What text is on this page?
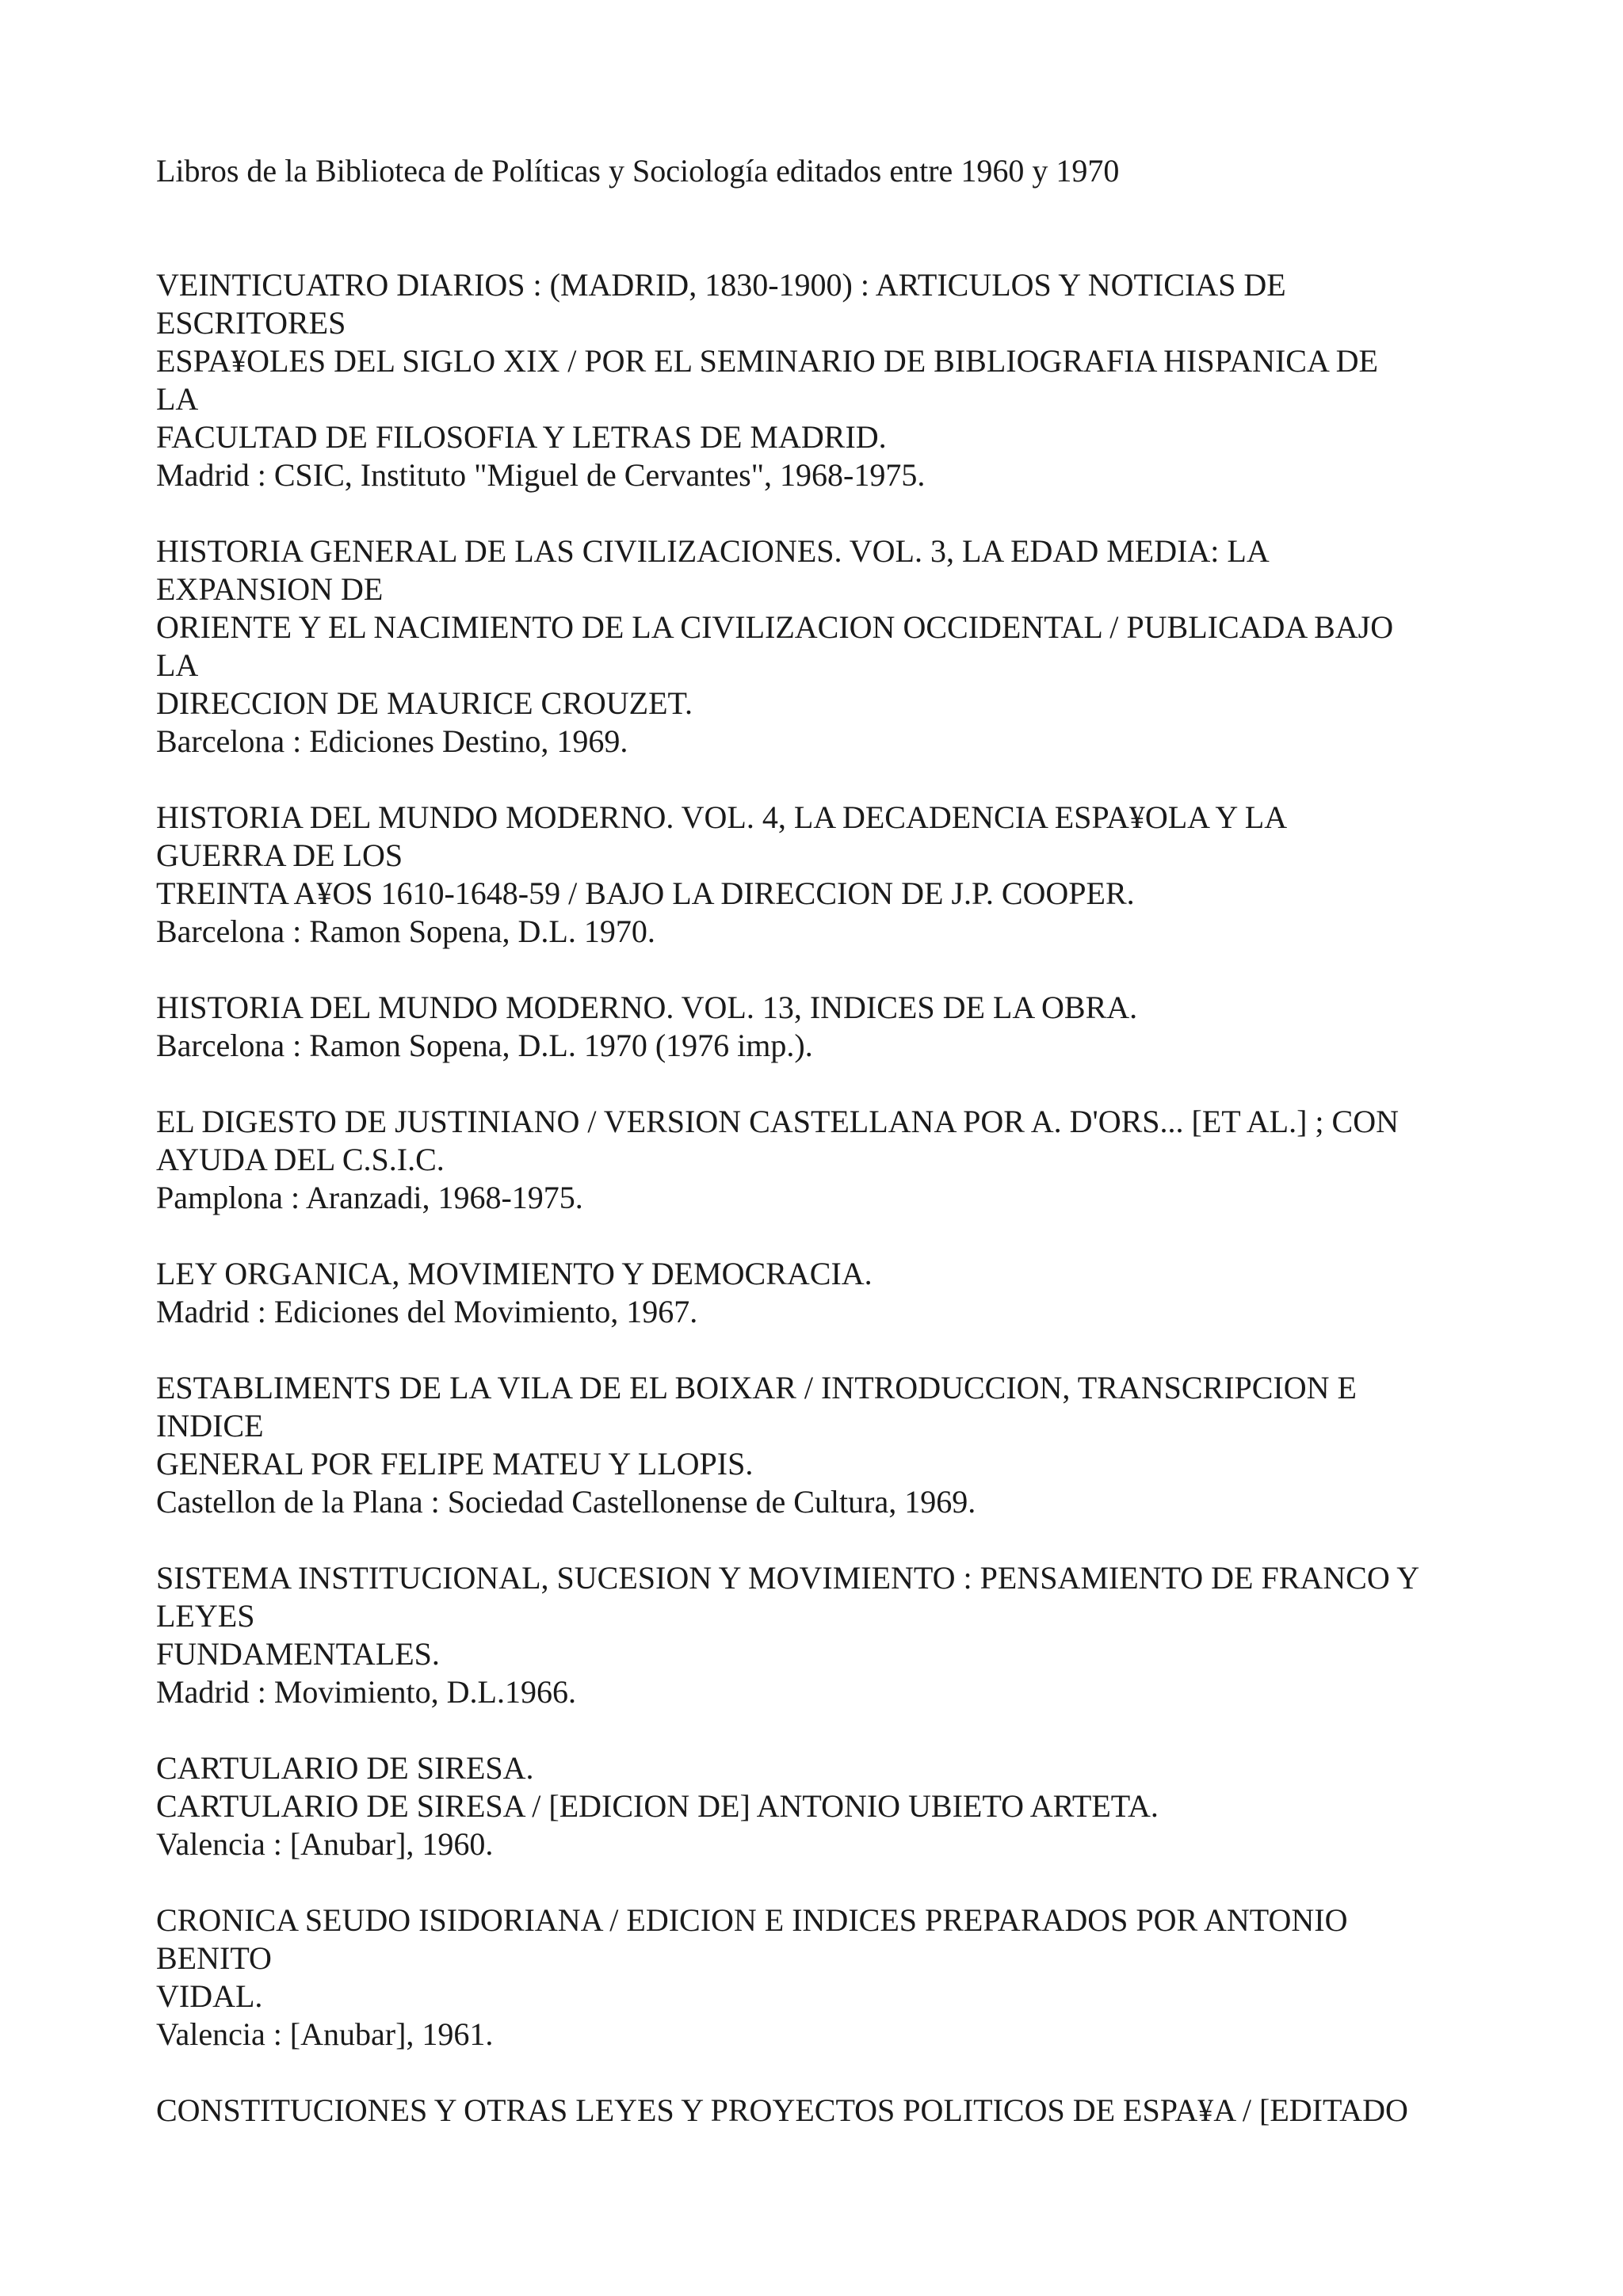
Libros de la Biblioteca de Políticas y Sociología editados entre 1960 y 1970
VEINTICUATRO DIARIOS : (MADRID, 1830-1900) : ARTICULOS Y NOTICIAS DE
ESCRITORES
ESPA¥OLES DEL SIGLO XIX / POR EL SEMINARIO DE BIBLIOGRAFIA HISPANICA DE
LA
FACULTAD DE FILOSOFIA Y LETRAS DE MADRID.
Madrid : CSIC, Instituto "Miguel de Cervantes", 1968-1975.
HISTORIA GENERAL DE LAS CIVILIZACIONES. VOL. 3, LA EDAD MEDIA: LA
EXPANSION DE
ORIENTE Y EL NACIMIENTO DE LA CIVILIZACION OCCIDENTAL / PUBLICADA BAJO
LA
DIRECCION DE MAURICE CROUZET.
Barcelona : Ediciones Destino, 1969.
HISTORIA DEL MUNDO MODERNO. VOL. 4, LA DECADENCIA ESPA¥OLA Y LA
GUERRA DE LOS
TREINTA A¥OS 1610-1648-59 / BAJO LA DIRECCION DE J.P. COOPER.
Barcelona : Ramon Sopena, D.L. 1970.
HISTORIA DEL MUNDO MODERNO. VOL. 13, INDICES DE LA OBRA.
Barcelona : Ramon Sopena, D.L. 1970 (1976 imp.).
EL DIGESTO DE JUSTINIANO / VERSION CASTELLANA POR A. D'ORS... [ET AL.] ; CON
AYUDA DEL C.S.I.C.
Pamplona : Aranzadi, 1968-1975.
LEY ORGANICA, MOVIMIENTO Y DEMOCRACIA.
Madrid : Ediciones del Movimiento, 1967.
ESTABLIMENTS DE LA VILA DE EL BOIXAR / INTRODUCCION, TRANSCRIPCION E
INDICE
GENERAL POR FELIPE MATEU Y LLOPIS.
Castellon de la Plana : Sociedad Castellonense de Cultura, 1969.
SISTEMA INSTITUCIONAL, SUCESION Y MOVIMIENTO : PENSAMIENTO DE FRANCO Y
LEYES
FUNDAMENTALES.
Madrid : Movimiento, D.L.1966.
CARTULARIO DE SIRESA.
CARTULARIO DE SIRESA / [EDICION DE] ANTONIO UBIETO ARTETA.
Valencia : [Anubar], 1960.
CRONICA SEUDO ISIDORIANA / EDICION E INDICES PREPARADOS POR ANTONIO
BENITO
VIDAL.
Valencia : [Anubar], 1961.
CONSTITUCIONES Y OTRAS LEYES Y PROYECTOS POLITICOS DE ESPA¥A / [EDITADO
